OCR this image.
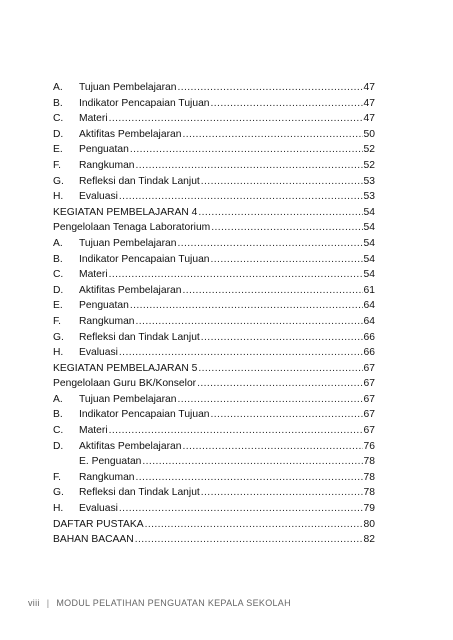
A.	Tujuan Pembelajaran .....	47
B.	Indikator Pencapaian Tujuan .....	47
C.	Materi .....	47
D.	Aktifitas Pembelajaran .....	50
E.	Penguatan .....	52
F.	Rangkuman .....	52
G.	Refleksi dan Tindak Lanjut .....	53
H.	Evaluasi .....	53
KEGIATAN PEMBELAJARAN 4 .....	54
Pengelolaan Tenaga Laboratorium .....	54
A.	Tujuan Pembelajaran .....	54
B.	Indikator Pencapaian Tujuan .....	54
C.	Materi .....	54
D.	Aktifitas Pembelajaran .....	61
E.	Penguatan .....	64
F.	Rangkuman .....	64
G.	Refleksi dan Tindak Lanjut .....	66
H.	Evaluasi .....	66
KEGIATAN PEMBELAJARAN 5 .....	67
Pengelolaan Guru BK/Konselor .....	67
A.	Tujuan Pembelajaran .....	67
B.	Indikator Pencapaian Tujuan .....	67
C.	Materi .....	67
D.	Aktifitas Pembelajaran .....	76
E. Penguatan .....	78
F.	Rangkuman .....	78
G.	Refleksi dan Tindak Lanjut .....	78
H.	Evaluasi .....	79
DAFTAR PUSTAKA .....	80
BAHAN BACAAN .....	82
viii | MODUL PELATIHAN PENGUATAN KEPALA SEKOLAH
